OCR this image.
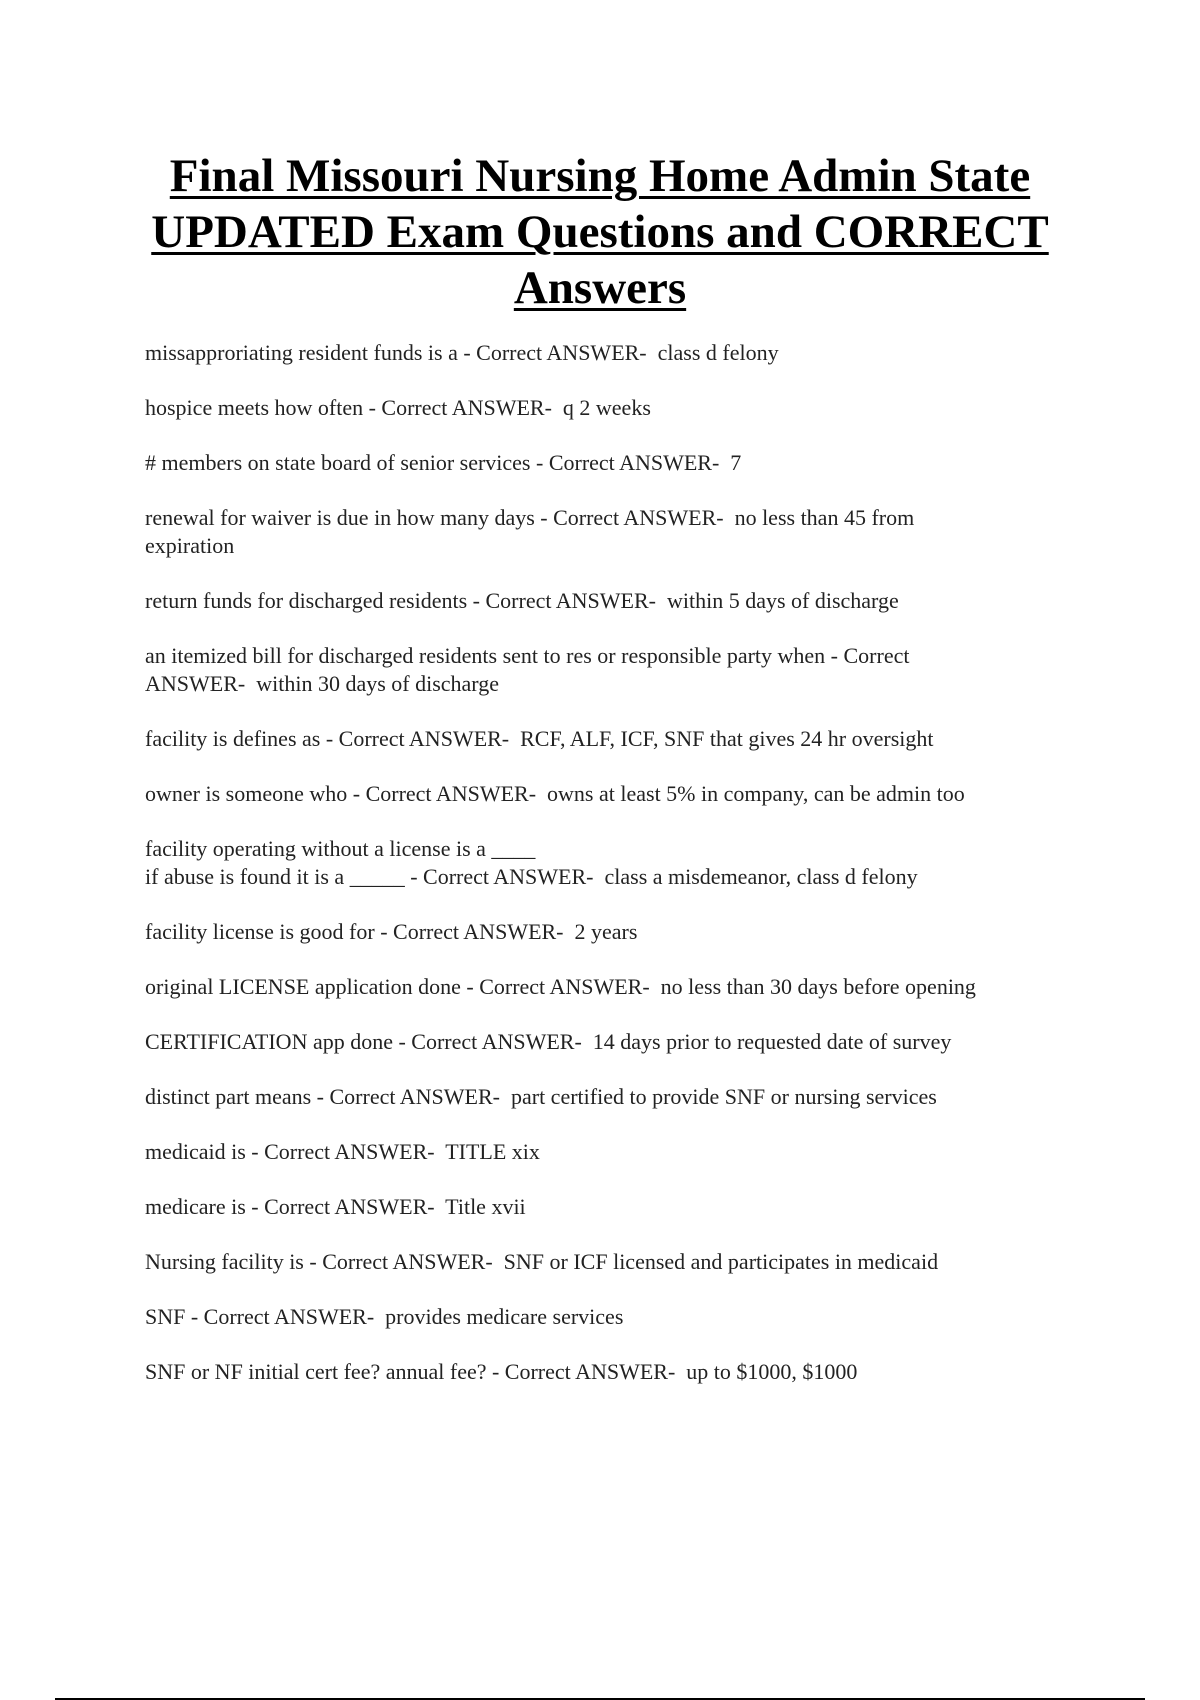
Final Missouri Nursing Home Admin State
UPDATED Exam Questions and CORRECT
Answers
missapproriating resident funds is a - Correct ANSWER-  class d felony
hospice meets how often - Correct ANSWER-  q 2 weeks
# members on state board of senior services - Correct ANSWER-  7
renewal for waiver is due in how many days - Correct ANSWER-  no less than 45 from
expiration
return funds for discharged residents - Correct ANSWER-  within 5 days of discharge
an itemized bill for discharged residents sent to res or responsible party when - Correct
ANSWER-  within 30 days of discharge
facility is defines as - Correct ANSWER-  RCF, ALF, ICF, SNF that gives 24 hr oversight
owner is someone who - Correct ANSWER-  owns at least 5% in company, can be admin too
facility operating without a license is a ____
if abuse is found it is a _____ - Correct ANSWER-  class a misdemeanor, class d felony
facility license is good for - Correct ANSWER-  2 years
original LICENSE application done - Correct ANSWER-  no less than 30 days before opening
CERTIFICATION app done - Correct ANSWER-  14 days prior to requested date of survey
distinct part means - Correct ANSWER-  part certified to provide SNF or nursing services
medicaid is - Correct ANSWER-  TITLE xix
medicare is - Correct ANSWER-  Title xvii
Nursing facility is - Correct ANSWER-  SNF or ICF licensed and participates in medicaid
SNF - Correct ANSWER-  provides medicare services
SNF or NF initial cert fee? annual fee? - Correct ANSWER-  up to $1000, $1000
